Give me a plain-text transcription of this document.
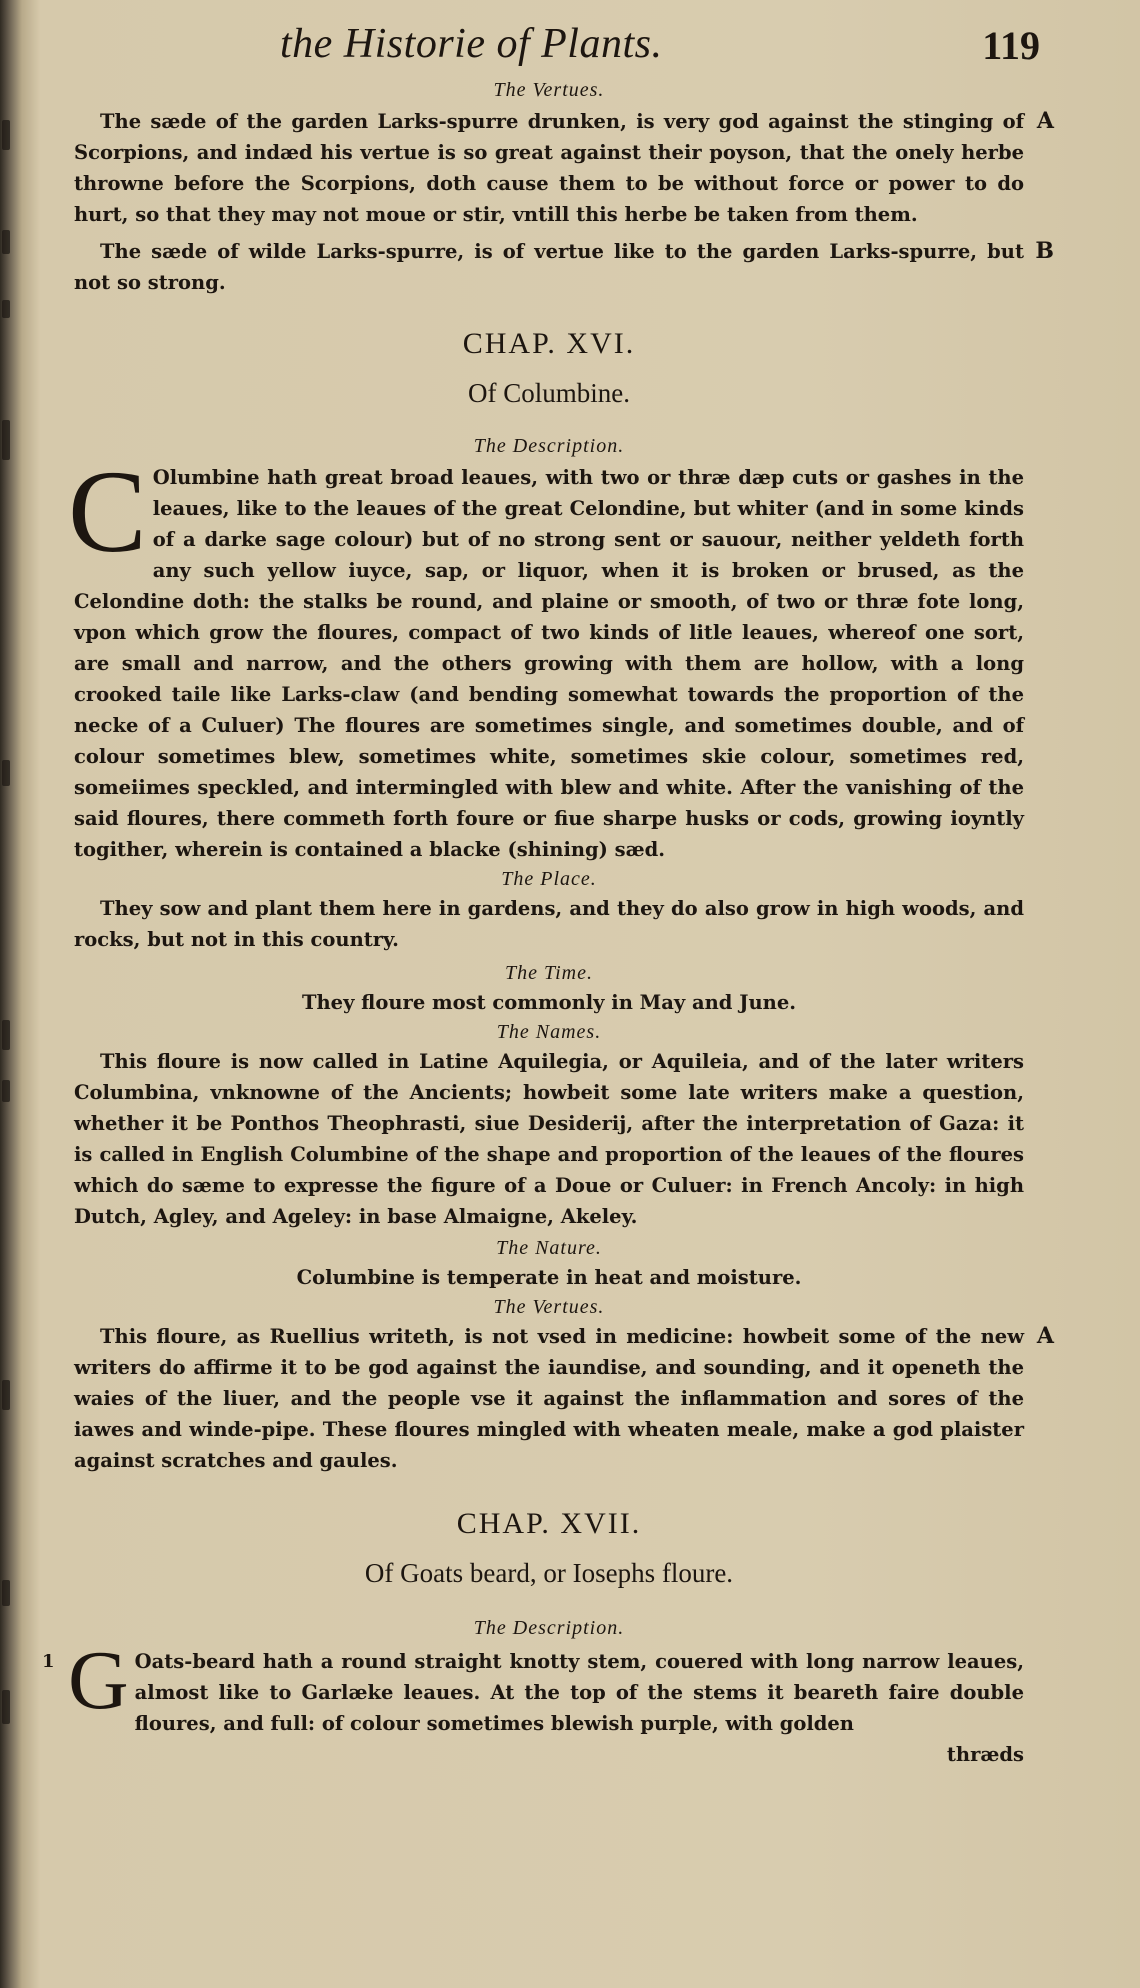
the Historie of Plants.	119
The Vertues.

The sæde of the garden Larks-spurre drunken, is very god against the stinging of Scorpions, and indæd his vertue is so great against their poyson, that the onely herbe throwne before the Scorpions, doth cause them to be without force or power to do hurt, so that they may not moue or stir, vntill this herbe be taken from them.
A

The sæde of wilde Larks-spurre, is of vertue like to the garden Larks-spurre, but not so strong.
B

CHAP. XVI.
Of Columbine.
The Description.

C Olumbine hath great broad leaues, with two or thræ dæp cuts or gashes in the leaues, like to the leaues of the great Celondine, but whiter (and in some kinds of a darke sage colour) but of no strong sent or sauour, neither yeldeth forth any such yellow iuyce, sap, or liquor, when it is broken or brused, as the Celondine doth: the stalks be round, and plaine or smooth, of two or thræ fote long, vpon which grow the floures, compact of two kinds of litle leaues, whereof one sort, are small and narrow, and the others growing with them are hollow, with a long crooked taile like Larks-claw (and bending somewhat towards the proportion of the necke of a Culuer) The floures are sometimes single, and sometimes double, and of colour sometimes blew, sometimes white, sometimes skie colour, sometimes red, someiimes speckled, and intermingled with blew and white. After the vanishing of the said floures, there commeth forth foure or fiue sharpe husks or cods, growing ioyntly togither, wherein is contained a blacke (shining) sæd.

The Place.

They sow and plant them here in gardens, and they do also grow in high woods, and rocks, but not in this country.

The Time.

They floure most commonly in May and June.

The Names.

This floure is now called in Latine Aquilegia, or Aquileia, and of the later writers Columbina, vnknowne of the Ancients; howbeit some late writers make a question, whether it be Ponthos Theophrasti, siue Desiderij, after the interpretation of Gaza: it is called in English Columbine of the shape and proportion of the leaues of the floures which do sæme to expresse the figure of a Doue or Culuer: in French Ancoly: in high Dutch, Agley, and Ageley: in base Almaigne, Akeley.

The Nature.

Columbine is temperate in heat and moisture.

The Vertues.

This floure, as Ruellius writeth, is not vsed in medicine: howbeit some of the new writers do affirme it to be god against the iaundise, and sounding, and it openeth the waies of the liuer, and the people vse it against the inflammation and sores of the iawes and winde-pipe. These floures mingled with wheaten meale, make a god plaister against scratches and gaules.
A

CHAP. XVII.
Of Goats beard, or Iosephs floure.
The Description.

1 G Oats-beard hath a round straight knotty stem, couered with long narrow leaues, almost like to Garlæke leaues. At the top of the stems it beareth faire double floures, and full: of colour sometimes blewish purple, with golden

thræds
